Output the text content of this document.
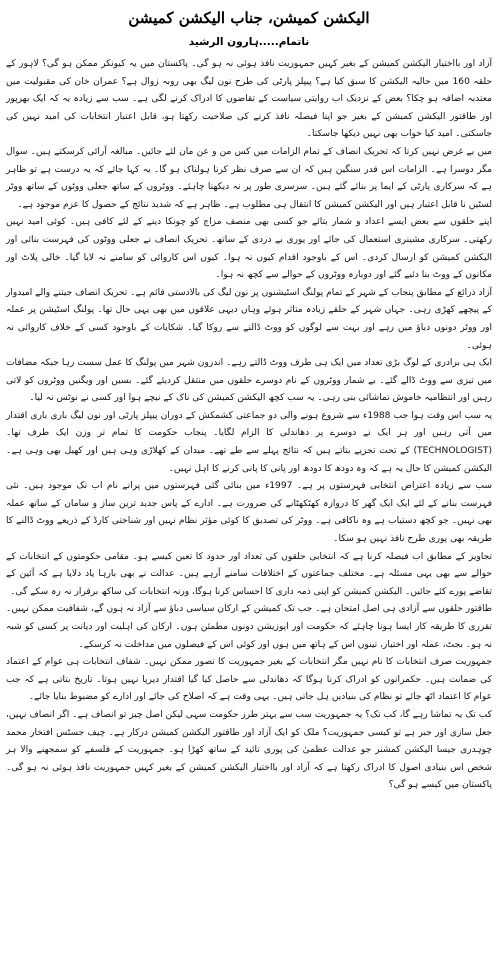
الیکشن کمیشن، جناب الیکشن کمیشن
ناتمام.....ہارون الرشید

آزاد اور بااختیار الیکشن کمیشن کے بغیر کہیں جمہوریت نافذ ہوئی نہ ہو گی۔ پاکستان میں یہ کیونکر ممکن ہو گی؟ لاہور کے حلقہ 160 میں حالیہ الیکشن کا سبق کیا ہے؟ پیپلز پارٹی کی طرح نون لیگ بھی روبہ زوال ہے؟ عمران خان کی مقبولیت میں معتدبہ اضافہ ہو چکا؟ بعض کے نزدیک اب روایتی سیاست کے تقاضوں کا ادراک کرنے لگی ہے۔ سب سے زیادہ یہ کہ ایک بھرپور اور طاقتور الیکشن کمیشن کے بغیر جو اپنا فیصلہ نافذ کرنے کی صلاحیت رکھتا ہو، قابل اعتبار انتخابات کی امید نہیں کی جاسکتی۔ امید کیا خواب بھی نہیں دیکھا جاسکتا۔

میں بے غرض نہیں کرتا کہ تحریک انصاف کے تمام الزامات میں کس من و عن مان لئے جائیں۔ مبالغہ آرائی کرسکتے ہیں۔ سوال مگر دوسرا ہے۔ الزامات اس قدر سنگین ہیں کہ ان سے صرف نظر کرنا ہولناک ہو گا۔ یہ کہا جائے کہ یہ درست ہے تو ظاہر ہے کہ سرکاری پارٹی کے ایما پر بنائے گئے ہیں۔ سرسری طور پر نہ دیکھنا چاہئے۔ ووٹروں کے ساتھ جعلی ووٹوں کے ساتھ ووٹر لسٹیں نا قابل اعتبار ہیں اور الیکشن کمیشن کا انتقال ہی مطلوب ہے۔ ظاہر ہے کہ شدید نتائج کے حصول کا عزم موجود ہے۔

اپنے حلقوں سے بعض ایسے اعداد و شمار بتائے جو کسی بھی منصف مزاج کو چونکا دینے کے لئے کافی ہیں۔ کوئی امید نہیں رکھتی۔ سرکاری مشینری استعمال کی جائے اور پوری بے دردی کے ساتھ۔ تحریک انصاف نے جعلی ووٹوں کی فہرست بنائی اور الیکشن کمیشن کو ارسال کردی۔ اس کے باوجود اقدام کیوں نہ ہوا۔ کیوں اس کاروائی کو سامنے نہ لایا گیا۔ خالی پلاٹ اور مکانوں کے ووٹ بنا دئیے گئے اور دوبارہ ووٹروں کے حوالے سے کچھ نہ ہوا۔

آزاد ذرائع کے مطابق پنجاب کے شہر کے تمام پولنگ اسٹیشنوں پر نون لیگ کی بالادستی قائم ہے۔ تحریک انصاف جیتنے والے امیدوار کے پیچھے کھڑی رہی۔ جہاں شہر کے حلقے زیادہ متاثر ہوئے وہاں دیہی علاقوں میں بھی یہی حال تھا۔ پولنگ اسٹیشن پر عملہ اور ووٹر دونوں دباؤ میں رہے اور بہت سے لوگوں کو ووٹ ڈالنے سے روکا گیا۔ شکایات کے باوجود کسی کے خلاف کاروائی نہ ہوئی۔

ایک ہی برادری کے لوگ بڑی تعداد میں ایک ہی طرف ووٹ ڈالتے رہے۔ اندرون شہر میں پولنگ کا عمل سست رہا جبکہ مضافات میں تیزی سے ووٹ ڈالے گئے۔ بے شمار ووٹروں کے نام دوسرے حلقوں میں منتقل کردیئے گئے۔ بسیں اور ویگنیں ووٹروں کو لاتی رہیں اور انتظامیہ خاموش تماشائی بنی رہی۔ یہ سب کچھ الیکشن کمیشن کی ناک کے نیچے ہوا اور کسی نے نوٹس نہ لیا۔

یہ سب اس وقت ہوا جب 1988ء سے شروع ہونے والی دو جماعتی کشمکش کے دوران پیپلز پارٹی اور نون لیگ باری باری اقتدار میں آتی رہیں اور ہر ایک نے دوسرے پر دھاندلی کا الزام لگایا۔ پنجاب حکومت کا تمام تر وزن ایک طرف تھا۔ (TECHNOLOGIST) کے تحت تجزیے بتاتے ہیں کہ نتائج پہلے سے طے تھے۔ میدان کے کھلاڑی وہی ہیں اور کھیل بھی وہی ہے۔ الیکشن کمیشن کا حال یہ ہے کہ وہ دودھ کا دودھ اور پانی کا پانی کرنے کا اہل نہیں۔

سب سے زیادہ اعتراض انتخابی فہرستوں پر ہے۔ 1997ء میں بنائی گئی فہرستوں میں پرانے نام اب تک موجود ہیں۔ نئی فہرست بنانے کے لئے ایک ایک گھر کا دروازہ کھٹکھٹانے کی ضرورت ہے۔ ادارے کے پاس جدید ترین ساز و سامان کے ساتھ عملہ بھی نہیں۔ جو کچھ دستیاب ہے وہ ناکافی ہے۔ ووٹر کی تصدیق کا کوئی مؤثر نظام نہیں اور شناختی کارڈ کے ذریعے ووٹ ڈالنے کا طریقہ بھی پوری طرح نافذ نہیں ہو سکا۔

تجاویز کے مطابق اب فیصلہ کرنا ہے کہ انتخابی حلقوں کی تعداد اور حدود کا تعین کیسے ہو۔ مقامی حکومتوں کے انتخابات کے حوالے سے بھی یہی مسئلہ ہے۔ مختلف جماعتوں کے اختلافات سامنے آرہے ہیں۔ عدالت نے بھی بارہا یاد دلایا ہے کہ آئین کے تقاضے پورے کئے جائیں۔ الیکشن کمیشن کو اپنی ذمہ داری کا احساس کرنا ہوگا، ورنہ انتخابات کی ساکھ برقرار نہ رہ سکے گی۔

طاقتور حلقوں سے آزادی ہی اصل امتحان ہے۔ جب تک کمیشن کے ارکان سیاسی دباؤ سے آزاد نہ ہوں گے، شفافیت ممکن نہیں۔ تقرری کا طریقہ کار ایسا ہونا چاہئے کہ حکومت اور اپوزیشن دونوں مطمئن ہوں۔ ارکان کی اہلیت اور دیانت پر کسی کو شبہ نہ ہو۔ بجٹ، عملہ اور اختیار، تینوں اس کے ہاتھ میں ہوں اور کوئی اس کے فیصلوں میں مداخلت نہ کرسکے۔

جمہوریت صرف انتخابات کا نام نہیں مگر انتخابات کے بغیر جمہوریت کا تصور ممکن نہیں۔ شفاف انتخابات ہی عوام کے اعتماد کی ضمانت ہیں۔ حکمرانوں کو ادراک کرنا ہوگا کہ دھاندلی سے حاصل کیا گیا اقتدار دیرپا نہیں ہوتا۔ تاریخ بتاتی ہے کہ جب عوام کا اعتماد اٹھ جائے تو نظام کی بنیادیں ہل جاتی ہیں۔ یہی وقت ہے کہ اصلاح کی جائے اور ادارے کو مضبوط بنایا جائے۔

کب تک یہ تماشا رہے گا، کب تک؟ یہ جمہوریت سب سے بہتر طرز حکومت سہی لیکن اصل چیز تو انصاف ہے۔ اگر انصاف نہیں، جعل سازی اور جبر ہے تو کیسی جمہوریت؟ ملک کو ایک آزاد اور طاقتور الیکشن کمیشن درکار ہے۔ چیف جسٹس افتخار محمد چوہدری جیسا الیکشن کمشنر جو عدالت عظمیٰ کی پوری تائید کے ساتھ کھڑا ہو۔ جمہوریت کے فلسفے کو سمجھنے والا ہر شخص اس بنیادی اصول کا ادراک رکھتا ہے کہ آزاد اور بااختیار الیکشن کمیشن کے بغیر کہیں جمہوریت نافذ ہوئی نہ ہو گی۔ پاکستان میں کیسے ہو گی؟
